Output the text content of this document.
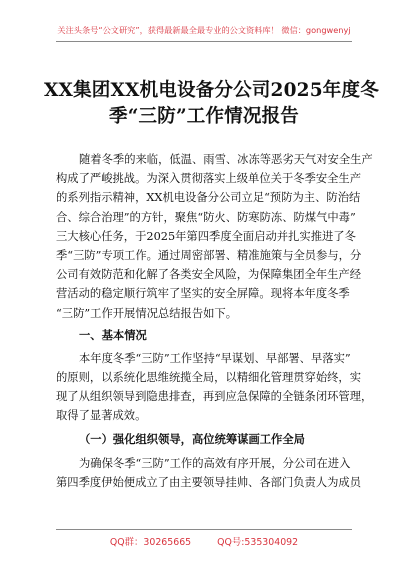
关注头条号“公文研究”，获得最新最全最专业的公文资料库！ 微信：gongwenyj
XX集团XX机电设备分公司2025年度冬
季“三防”工作情况报告
随着冬季的来临，低温、雨雪、冰冻等恶劣天气对安全生产
构成了严峻挑战。为深入贯彻落实上级单位关于冬季安全生产
的系列指示精神，XX机电设备分公司立足“预防为主、防治结
合、综合治理”的方针，聚焦“防火、防寒防冻、防煤气中毒”
三大核心任务，于2025年第四季度全面启动并扎实推进了冬
季“三防”专项工作。通过周密部署、精准施策与全员参与，分
公司有效防范和化解了各类安全风险，为保障集团全年生产经
营活动的稳定顺行筑牢了坚实的安全屏障。现将本年度冬季
“三防”工作开展情况总结报告如下。
一、基本情况
本年度冬季“三防”工作坚持“早谋划、早部署、早落实”
的原则，以系统化思维统揽全局，以精细化管理贯穿始终，实
现了从组织领导到隐患排查，再到应急保障的全链条闭环管理，
取得了显著成效。
（一）强化组织领导，高位统筹谋画工作全局
为确保冬季“三防”工作的高效有序开展，分公司在进入
第四季度伊始便成立了由主要领导挂帅、各部门负责人为成员
QQ群：30265665	QQ号:535304092
